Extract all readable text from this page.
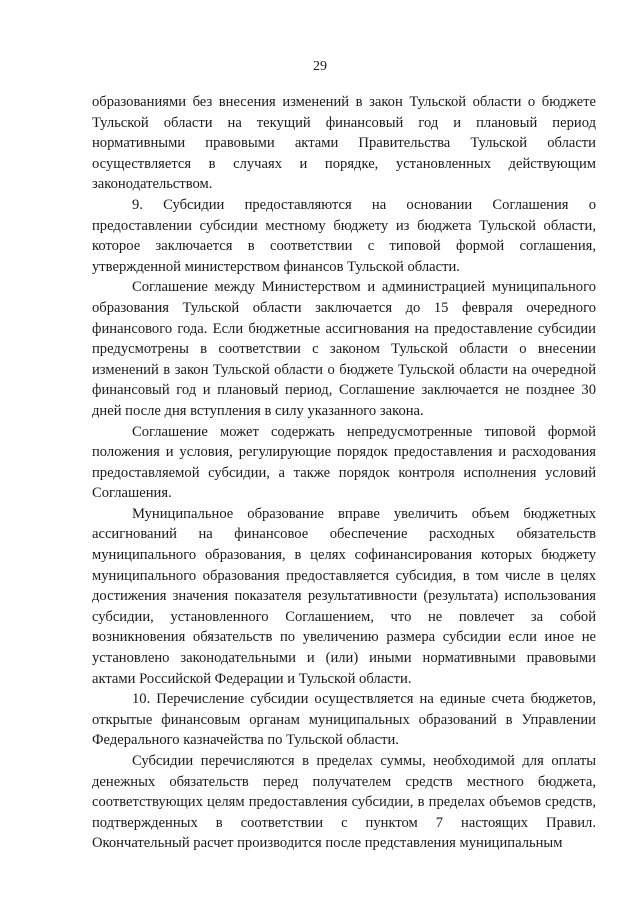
29

образованиями без внесения изменений в закон Тульской области о бюджете Тульской области на текущий финансовый год и плановый период нормативными правовыми актами Правительства Тульской области осуществляется в случаях и порядке, установленных действующим законодательством.

9. Субсидии предоставляются на основании Соглашения о предоставлении субсидии местному бюджету из бюджета Тульской области, которое заключается в соответствии с типовой формой соглашения, утвержденной министерством финансов Тульской области.

Соглашение между Министерством и администрацией муниципального образования Тульской области заключается до 15 февраля очередного финансового года. Если бюджетные ассигнования на предоставление субсидии предусмотрены в соответствии с законом Тульской области о внесении изменений в закон Тульской области о бюджете Тульской области на очередной финансовый год и плановый период, Соглашение заключается не позднее 30 дней после дня вступления в силу указанного закона.

Соглашение может содержать непредусмотренные типовой формой положения и условия, регулирующие порядок предоставления и расходования предоставляемой субсидии, а также порядок контроля исполнения условий Соглашения.

Муниципальное образование вправе увеличить объем бюджетных ассигнований на финансовое обеспечение расходных обязательств муниципального образования, в целях софинансирования которых бюджету муниципального образования предоставляется субсидия, в том числе в целях достижения значения показателя результативности (результата) использования субсидии, установленного Соглашением, что не повлечет за собой возникновения обязательств по увеличению размера субсидии если иное не установлено законодательными и (или) иными нормативными правовыми актами Российской Федерации и Тульской области.

10. Перечисление субсидии осуществляется на единые счета бюджетов, открытые финансовым органам муниципальных образований в Управлении Федерального казначейства по Тульской области.

Субсидии перечисляются в пределах суммы, необходимой для оплаты денежных обязательств перед получателем средств местного бюджета, соответствующих целям предоставления субсидии, в пределах объемов средств, подтвержденных в соответствии с пунктом 7 настоящих Правил. Окончательный расчет производится после представления муниципальным
